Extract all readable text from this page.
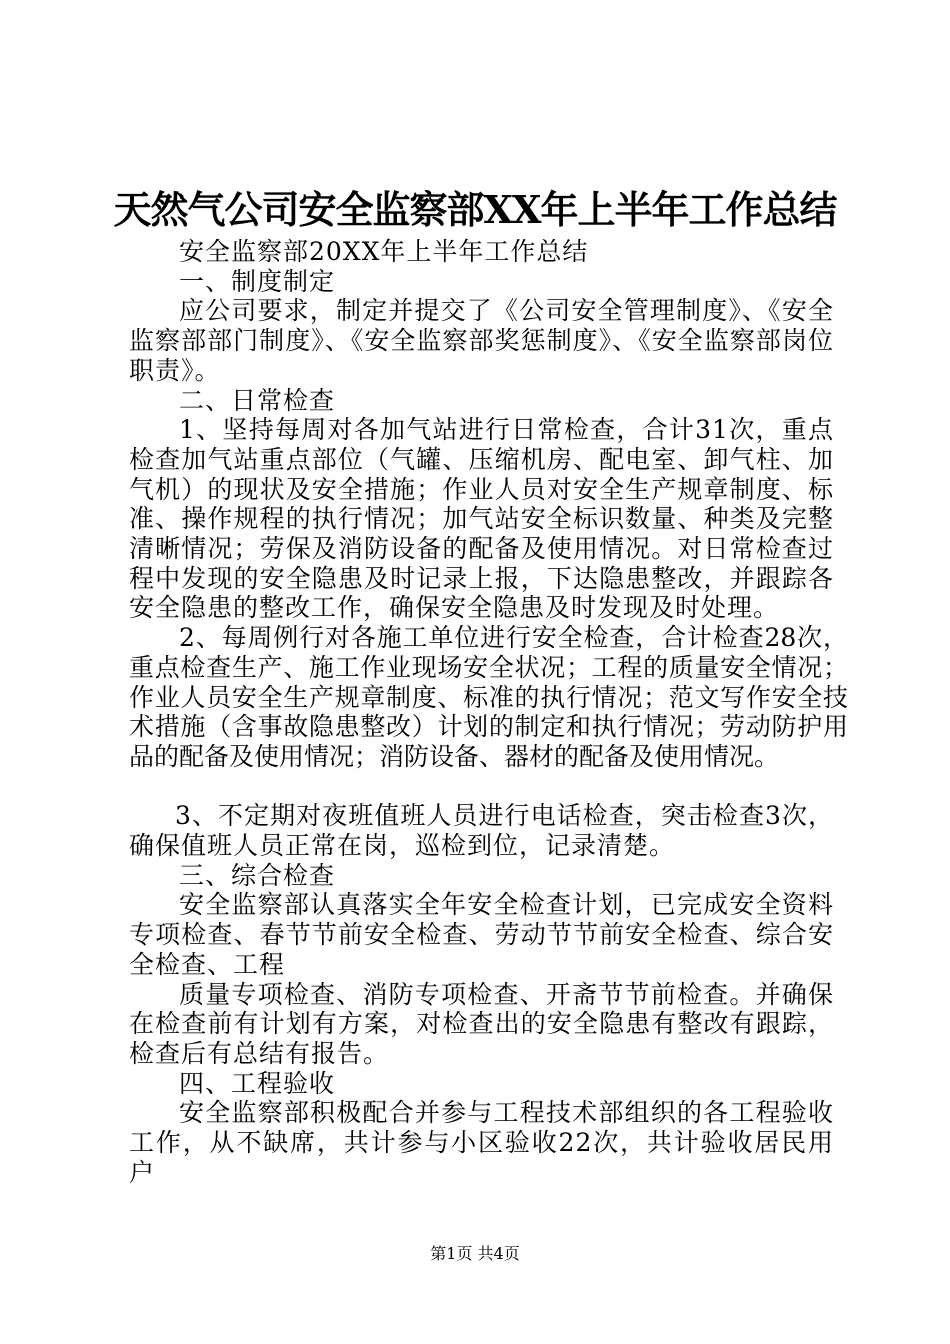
天然气公司安全监察部XX年上半年工作总结

安全监察部20XX年上半年工作总结

一、制度制定

应公司要求，制定并提交了《公司安全管理制度》、《安全监察部部门制度》、《安全监察部奖惩制度》、《安全监察部岗位职责》。

二、日常检查

1、坚持每周对各加气站进行日常检查，合计31次，重点检查加气站重点部位（气罐、压缩机房、配电室、卸气柱、加气机）的现状及安全措施；作业人员对安全生产规章制度、标准、操作规程的执行情况；加气站安全标识数量、种类及完整清晰情况；劳保及消防设备的配备及使用情况。对日常检查过程中发现的安全隐患及时记录上报，下达隐患整改，并跟踪各安全隐患的整改工作，确保安全隐患及时发现及时处理。

2、每周例行对各施工单位进行安全检查，合计检查28次，重点检查生产、施工作业现场安全状况；工程的质量安全情况；作业人员安全生产规章制度、标准的执行情况；范文写作安全技术措施（含事故隐患整改）计划的制定和执行情况；劳动防护用品的配备及使用情况；消防设备、器材的配备及使用情况。

3、不定期对夜班值班人员进行电话检查，突击检查3次，确保值班人员正常在岗，巡检到位，记录清楚。

三、综合检查

安全监察部认真落实全年安全检查计划，已完成安全资料专项检查、春节节前安全检查、劳动节节前安全检查、综合安全检查、工程

质量专项检查、消防专项检查、开斋节节前检查。并确保在检查前有计划有方案，对检查出的安全隐患有整改有跟踪，检查后有总结有报告。

四、工程验收

安全监察部积极配合并参与工程技术部组织的各工程验收工作，从不缺席，共计参与小区验收22次，共计验收居民用户

第1页 共4页
